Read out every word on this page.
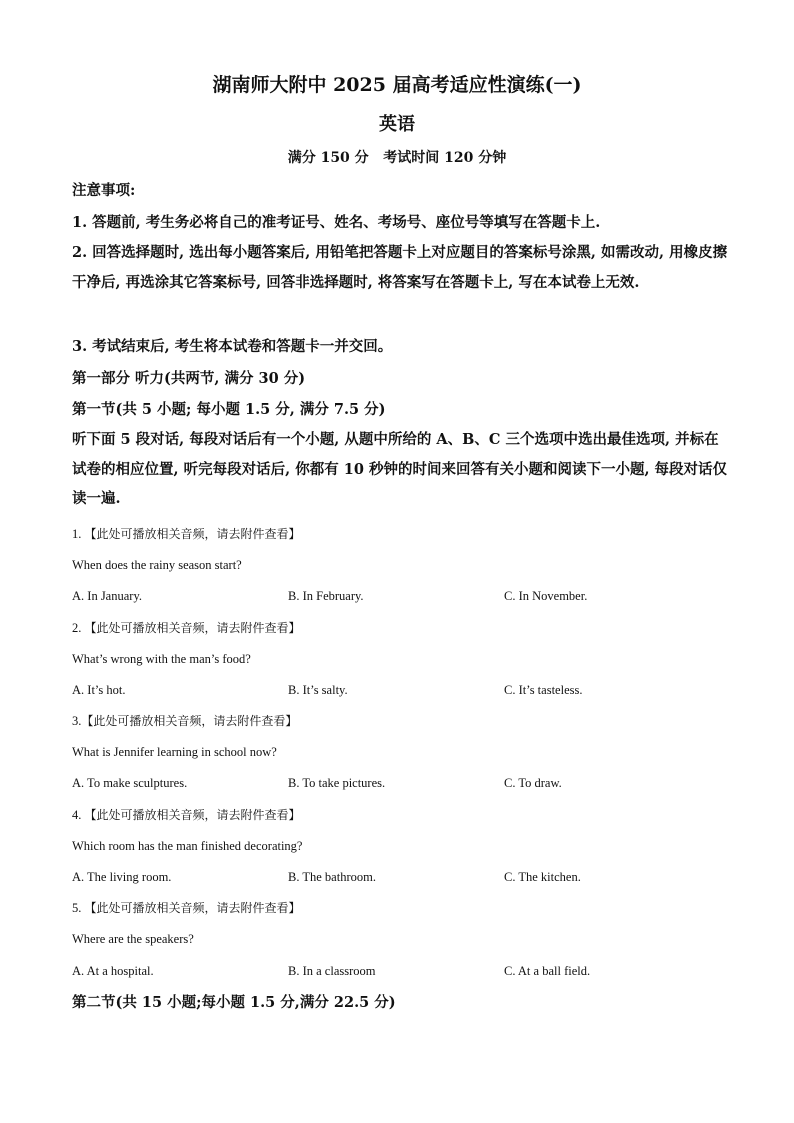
湖南师大附中 2025 届高考适应性演练(一)
英语
满分 150 分   考试时间 120 分钟
注意事项:
1. 答题前, 考生务必将自己的准考证号、姓名、考场号、座位号等填写在答题卡上.
2. 回答选择题时, 选出每小题答案后, 用铅笔把答题卡上对应题目的答案标号涂黑, 如需改动, 用橡皮擦干净后, 再选涂其它答案标号, 回答非选择题时, 将答案写在答题卡上, 写在本试卷上无效.
3. 考试结束后, 考生将本试卷和答题卡一并交回。
第一部分 听力(共两节, 满分 30 分)
第一节(共 5 小题; 每小题 1.5 分, 满分 7.5 分)
听下面 5 段对话, 每段对话后有一个小题, 从题中所给的 A、B、C 三个选项中选出最佳选项, 并标在试卷的相应位置, 听完每段对话后, 你都有 10 秒钟的时间来回答有关小题和阅读下一小题, 每段对话仅读一遍.
1. 【此处可播放相关音频，请去附件查看】
When does the rainy season start?
A. In January.	B. In February.	C. In November.
2. 【此处可播放相关音频，请去附件查看】
What’s wrong with the man’s food?
A. It’s hot.	B. It’s salty.	C. It’s tasteless.
3.【此处可播放相关音频，请去附件查看】
What is Jennifer learning in school now?
A. To make sculptures.	B. To take pictures.	C. To draw.
4. 【此处可播放相关音频，请去附件查看】
Which room has the man finished decorating?
A. The living room.	B. The bathroom.	C. The kitchen.
5. 【此处可播放相关音频，请去附件查看】
Where are the speakers?
A. At a hospital.	B. In a classroom	C. At a ball field.
第二节(共 15 小题;每小题 1.5 分,满分 22.5 分)
